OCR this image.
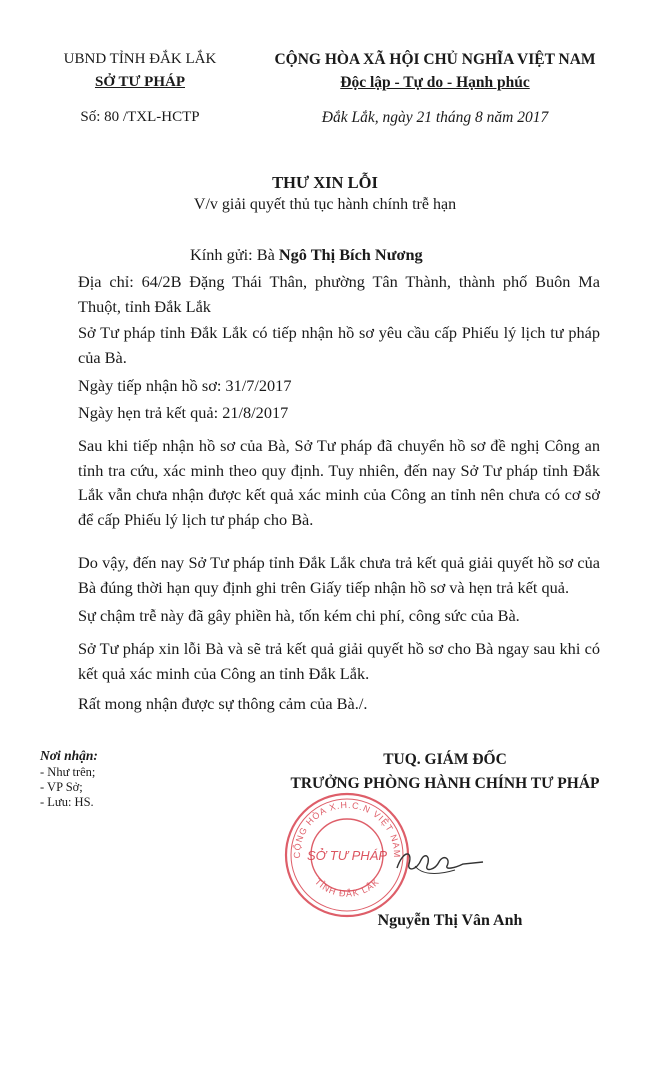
UBND TỈNH ĐẮK LẮK
SỞ TƯ PHÁP
Số: 80 /TXL-HCTP
CỘNG HÒA XÃ HỘI CHỦ NGHĨA VIỆT NAM
Độc lập - Tự do - Hạnh phúc
Đắk Lắk, ngày 21 tháng 8 năm 2017
THƯ XIN LỖI
V/v giải quyết thủ tục hành chính trễ hạn
Kính gửi: Bà Ngô Thị Bích Nương
Địa chỉ: 64/2B Đặng Thái Thân, phường Tân Thành, thành phố Buôn Ma Thuột, tỉnh Đắk Lắk
Sở Tư pháp tỉnh Đắk Lắk có tiếp nhận hồ sơ yêu cầu cấp Phiếu lý lịch tư pháp của Bà.
Ngày tiếp nhận hồ sơ: 31/7/2017
Ngày hẹn trả kết quả: 21/8/2017
Sau khi tiếp nhận hồ sơ của Bà, Sở Tư pháp đã chuyển hồ sơ đề nghị Công an tỉnh tra cứu, xác minh theo quy định. Tuy nhiên, đến nay Sở Tư pháp tỉnh Đắk Lắk vẫn chưa nhận được kết quả xác minh của Công an tỉnh nên chưa có cơ sở để cấp Phiếu lý lịch tư pháp cho Bà.
Do vậy, đến nay Sở Tư pháp tỉnh Đắk Lắk chưa trả kết quả giải quyết hồ sơ của Bà đúng thời hạn quy định ghi trên Giấy tiếp nhận hồ sơ và hẹn trả kết quả.
Sự chậm trễ này đã gây phiền hà, tốn kém chi phí, công sức của Bà.
Sở Tư pháp xin lỗi Bà và sẽ trả kết quả giải quyết hồ sơ cho Bà ngay sau khi có kết quả xác minh của Công an tỉnh Đắk Lắk.
Rất mong nhận được sự thông cảm của Bà./.
Nơi nhận:
- Như trên;
- VP Sở;
- Lưu: HS.
TUQ. GIÁM ĐỐC
TRƯỞNG PHÒNG HÀNH CHÍNH TƯ PHÁP
CỘNG HÒA X.H.C.N VIỆT NAM
TỈNH ĐẮK LẮK
SỞ TƯ PHÁP
Nguyễn Thị Vân Anh
